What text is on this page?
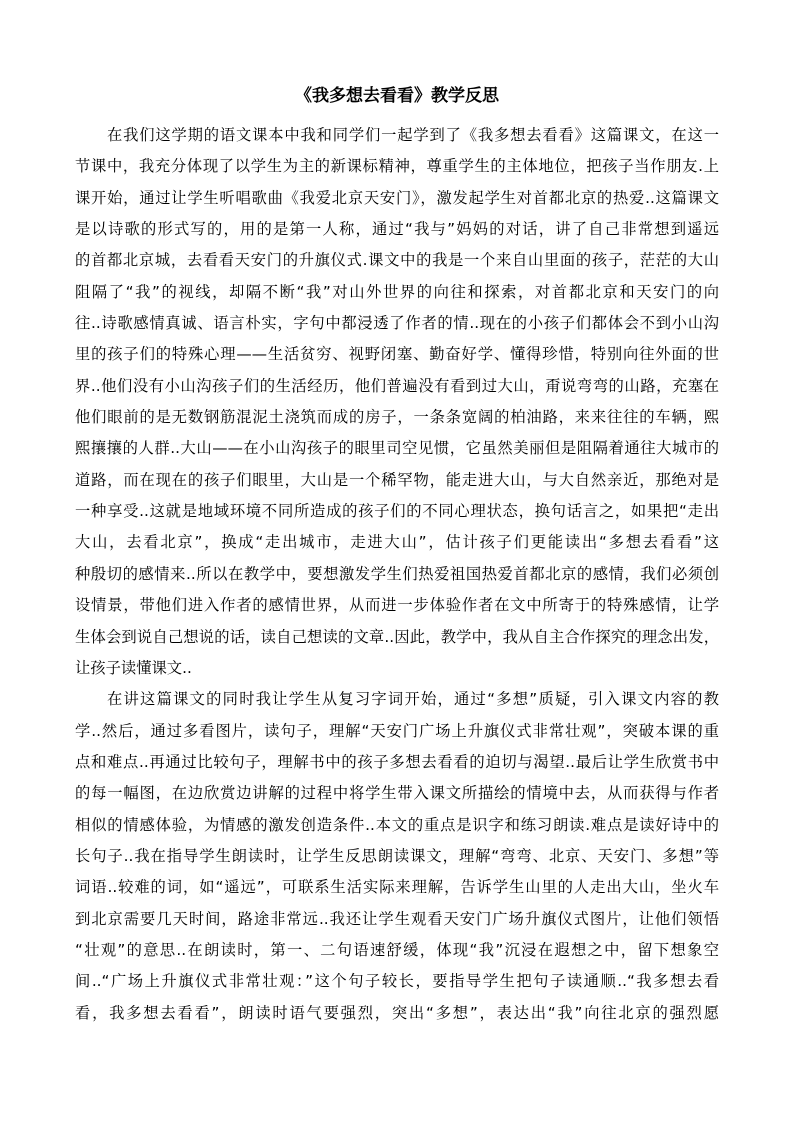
《我多想去看看》教学反思
在我们这学期的语文课本中我和同学们一起学到了《我多想去看看》这篇课文，在这一
节课中，我充分体现了以学生为主的新课标精神，尊重学生的主体地位，把孩子当作朋友.上
课开始，通过让学生听唱歌曲《我爱北京天安门》，激发起学生对首都北京的热爱..这篇课文
是以诗歌的形式写的，用的是第一人称，通过“我与”妈妈的对话，讲了自己非常想到遥远
的首都北京城，去看看天安门的升旗仪式.课文中的我是一个来自山里面的孩子，茫茫的大山
阻隔了“我”的视线，却隔不断“我”对山外世界的向往和探索，对首都北京和天安门的向
往..诗歌感情真诚、语言朴实，字句中都浸透了作者的情..现在的小孩子们都体会不到小山沟
里的孩子们的特殊心理——生活贫穷、视野闭塞、勤奋好学、懂得珍惜，特别向往外面的世
界..他们没有小山沟孩子们的生活经历，他们普遍没有看到过大山，甭说弯弯的山路，充塞在
他们眼前的是无数钢筋混泥土浇筑而成的房子，一条条宽阔的柏油路，来来往往的车辆，熙
熙攘攘的人群..大山——在小山沟孩子的眼里司空见惯，它虽然美丽但是阻隔着通往大城市的
道路，而在现在的孩子们眼里，大山是一个稀罕物，能走进大山，与大自然亲近，那绝对是
一种享受..这就是地域环境不同所造成的孩子们的不同心理状态，换句话言之，如果把“走出
大山，去看北京”，换成“走出城市，走进大山”，估计孩子们更能读出“多想去看看”这
种殷切的感情来..所以在教学中，要想激发学生们热爱祖国热爱首都北京的感情，我们必须创
设情景，带他们进入作者的感情世界，从而进一步体验作者在文中所寄于的特殊感情，让学
生体会到说自己想说的话，读自己想读的文章..因此，教学中，我从自主合作探究的理念出发，
让孩子读懂课文..
在讲这篇课文的同时我让学生从复习字词开始，通过“多想”质疑，引入课文内容的教
学..然后，通过多看图片，读句子，理解“天安门广场上升旗仪式非常壮观”，突破本课的重
点和难点..再通过比较句子，理解书中的孩子多想去看看的迫切与渴望..最后让学生欣赏书中
的每一幅图，在边欣赏边讲解的过程中将学生带入课文所描绘的情境中去，从而获得与作者
相似的情感体验，为情感的激发创造条件..本文的重点是识字和练习朗读.难点是读好诗中的
长句子..我在指导学生朗读时，让学生反思朗读课文，理解“弯弯、北京、天安门、多想”等
词语..较难的词，如“遥远”，可联系生活实际来理解，告诉学生山里的人走出大山，坐火车
到北京需要几天时间，路途非常远..我还让学生观看天安门广场升旗仪式图片，让他们领悟
“壮观”的意思..在朗读时，第一、二句语速舒缓，体现“我”沉浸在遐想之中，留下想象空
间..“广场上升旗仪式非常壮观：”这个句子较长，要指导学生把句子读通顺..“我多想去看
看，我多想去看看”，朗读时语气要强烈，突出“多想”，表达出“我”向往北京的强烈愿
